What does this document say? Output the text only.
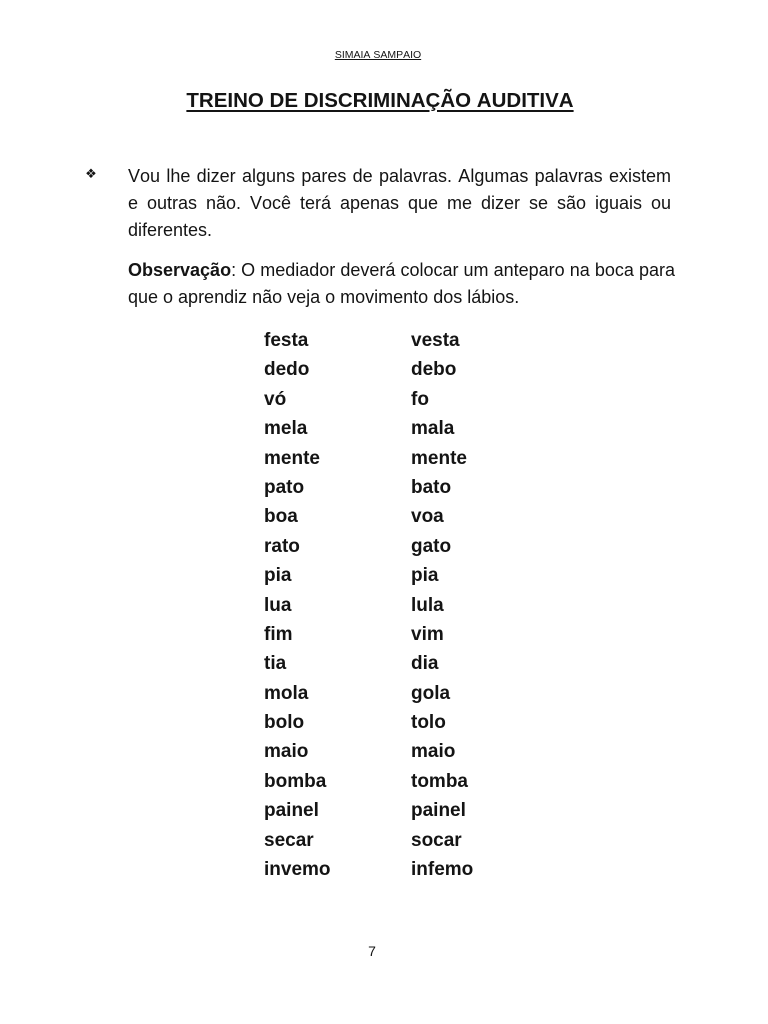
SIMAIA SAMPAIO
TREINO DE DISCRIMINAÇÃO AUDITIVA
❖ Vou lhe dizer alguns pares de palavras. Algumas palavras existem
e outras não. Você terá apenas que me dizer se são iguais ou
diferentes.
Observação: O mediador deverá colocar um anteparo na boca para
que o aprendiz não veja o movimento dos lábios.
festa	vesta
dedo	debo
vó	fo
mela	mala
mente	mente
pato	bato
boa	voa
rato	gato
pia	pia
lua	lula
fim	vim
tia	dia
mola	gola
bolo	tolo
maio	maio
bomba	tomba
painel	painel
secar	socar
invemo	infemo
7
